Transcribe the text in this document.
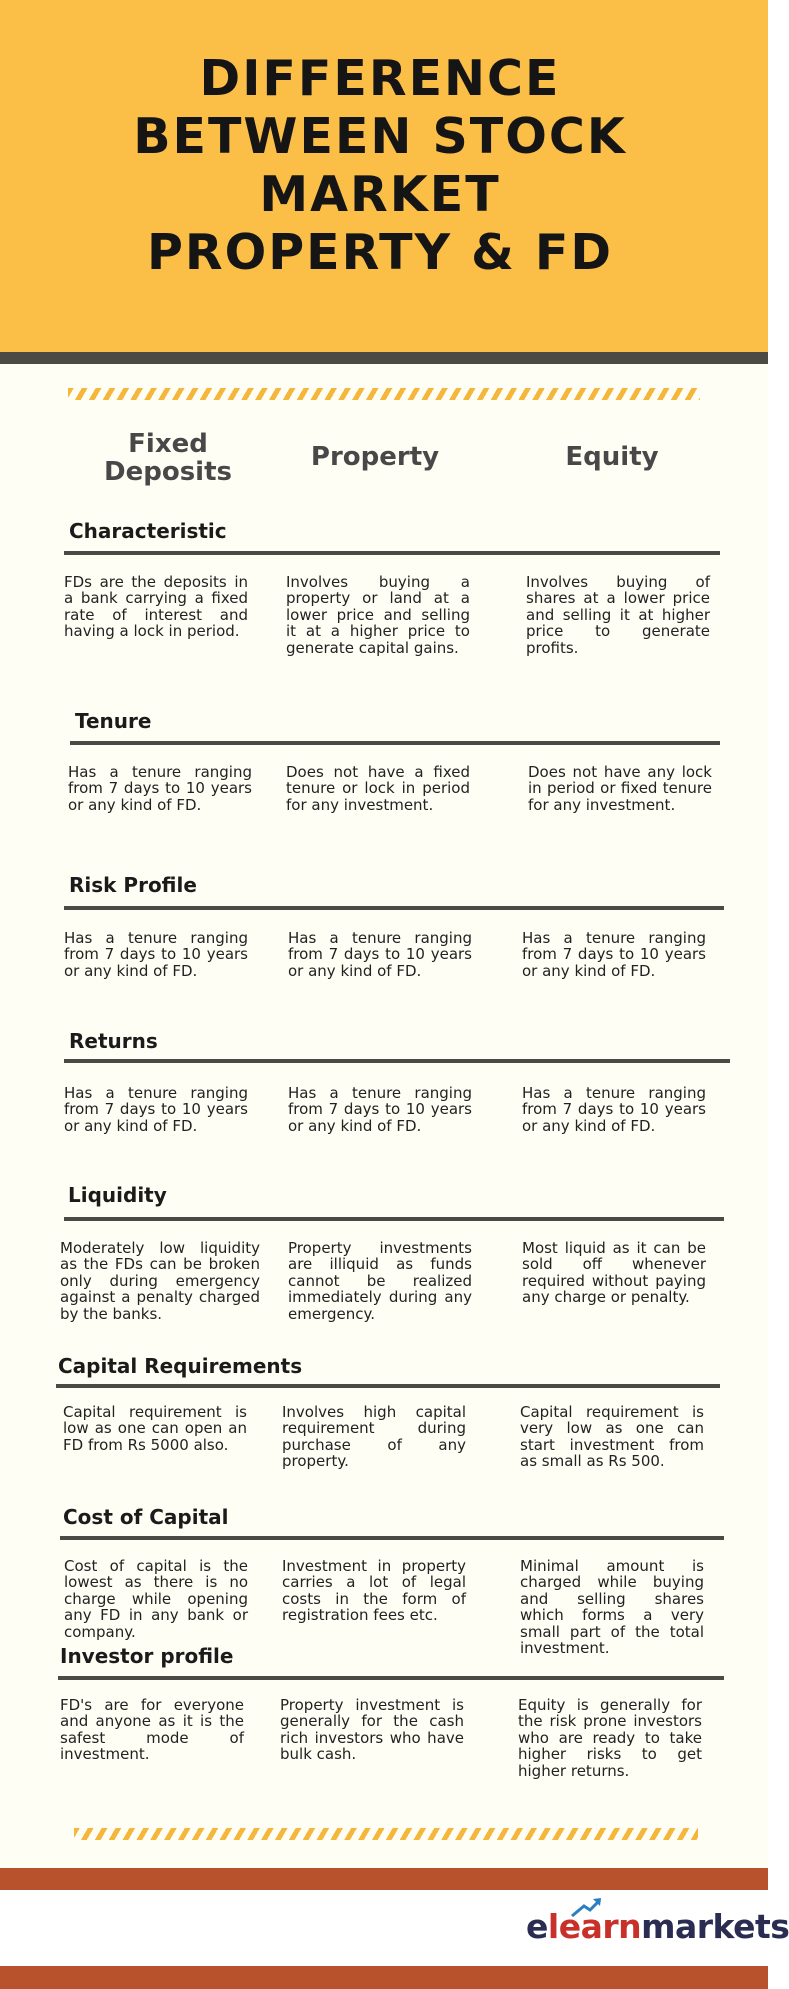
DIFFERENCE
BETWEEN STOCK
MARKET
PROPERTY & FD
Fixed Deposits	Property	Equity
Characteristic
FDs are the deposits in a bank carrying a fixed rate of interest and having a lock in period.
Involves buying a property or land at a lower price and selling it at a higher price to generate capital gains.
Involves buying of shares at a lower price and selling it at higher price to generate profits.
Tenure
Has a tenure ranging from 7 days to 10 years or any kind of FD.
Does not have a fixed tenure or lock in period for any investment.
Does not have any lock in period or fixed tenure for any investment.
Risk Profile
Has a tenure ranging from 7 days to 10 years or any kind of FD.
Has a tenure ranging from 7 days to 10 years or any kind of FD.
Has a tenure ranging from 7 days to 10 years or any kind of FD.
Returns
Has a tenure ranging from 7 days to 10 years or any kind of FD.
Has a tenure ranging from 7 days to 10 years or any kind of FD.
Has a tenure ranging from 7 days to 10 years or any kind of FD.
Liquidity
Moderately low liquidity as the FDs can be broken only during emergency against a penalty charged by the banks.
Property investments are illiquid as funds cannot be realized immediately during any emergency.
Most liquid as it can be sold off whenever required without paying any charge or penalty.
Capital Requirements
Capital requirement is low as one can open an FD from Rs 5000 also.
Involves high capital requirement during purchase of any property.
Capital requirement is very low as one can start investment from as small as Rs 500.
Cost of Capital
Cost of capital is the lowest as there is no charge while opening any FD in any bank or company.
Investment in property carries a lot of legal costs in the form of registration fees etc.
Minimal amount is charged while buying and selling shares which forms a very small part of the total investment.
Investor profile
FD's are for everyone and anyone as it is the safest mode of investment.
Property investment is generally for the cash rich investors who have bulk cash.
Equity is generally for the risk prone investors who are ready to take higher risks to get higher returns.
elearnmarkets
